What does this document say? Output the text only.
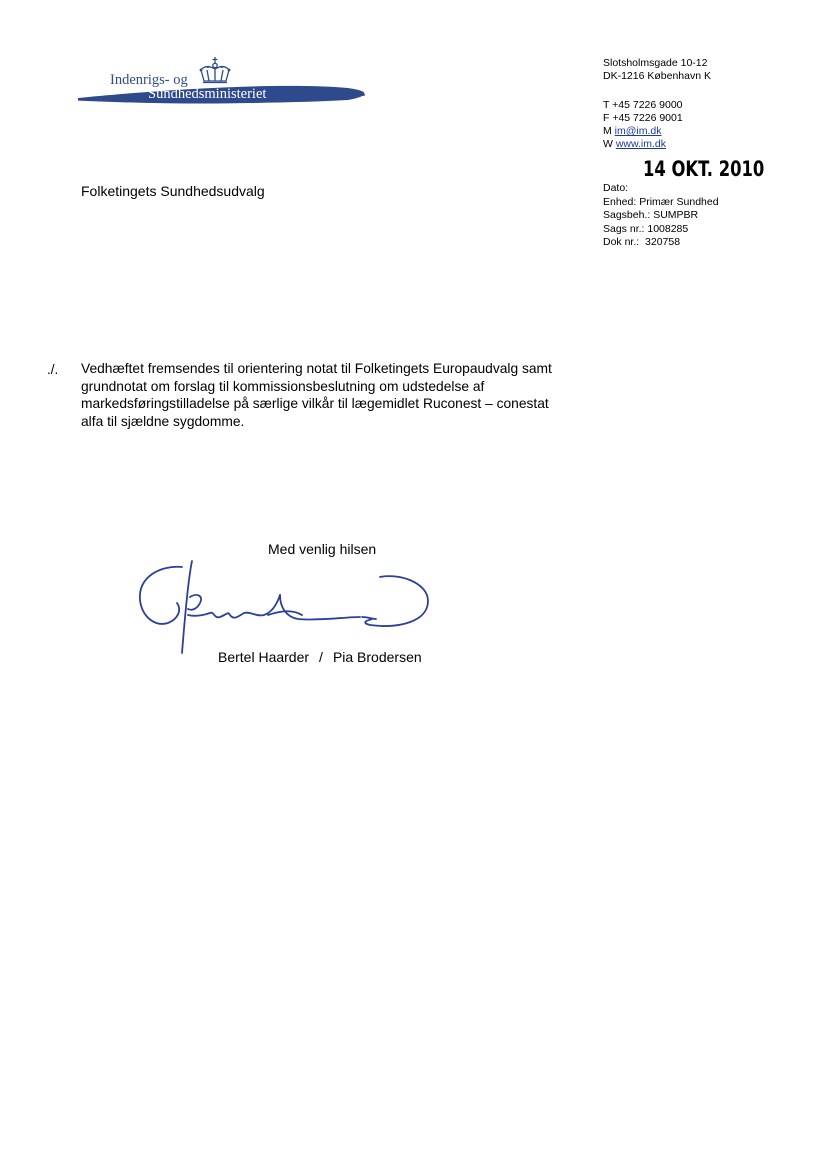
Indenrigs- og
Sundhedsministeriet
Slotsholmsgade 10-12
DK-1216 København K
T +45 7226 9000
F +45 7226 9001
M im@im.dk
W www.im.dk
14 OKT. 2010
Dato:
Enhed: Primær Sundhed
Sagsbeh.: SUMPBR
Sags nr.: 1008285
Dok nr.:  320758
Folketingets Sundhedsudvalg
./. Vedhæftet fremsendes til orientering notat til Folketingets Europaudvalg samt
grundnotat om forslag til kommissionsbeslutning om udstedelse af
markedsføringstilladelse på særlige vilkår til lægemidlet Ruconest – conestat
alfa til sjældne sygdomme.
Med venlig hilsen
Bertel Haarder / Pia Brodersen
